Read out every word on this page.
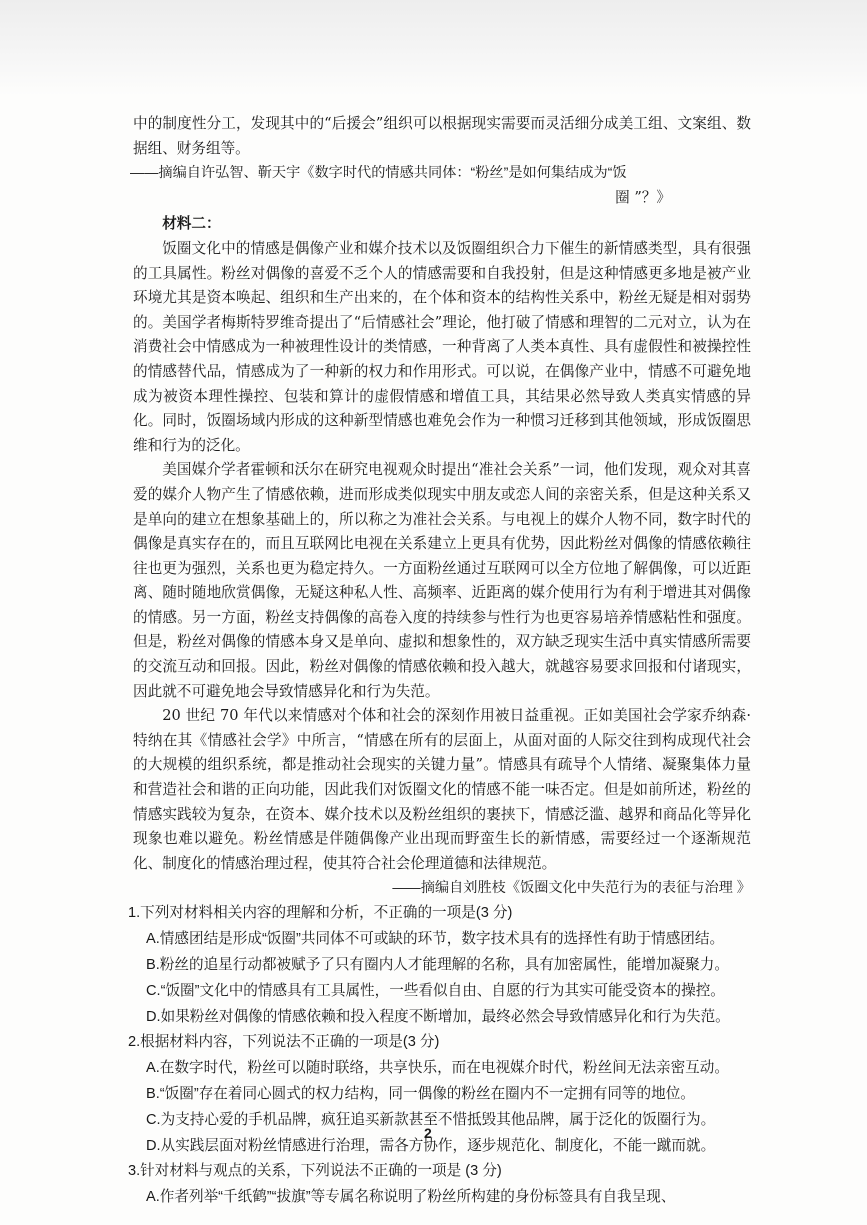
中的制度性分工，发现其中的“后援会”组织可以根据现实需要而灵活细分成美工组、文案组、数据组、财务组等。

——摘编自许弘智、靳天宇《数字时代的情感共同体：“粉丝”是如何集结成为“饭

圈 ”？》

材料二：

饭圈文化中的情感是偶像产业和媒介技术以及饭圈组织合力下催生的新情感类型，具有很强的工具属性。粉丝对偶像的喜爱不乏个人的情感需要和自我投射，但是这种情感更多地是被产业环境尤其是资本唤起、组织和生产出来的，在个体和资本的结构性关系中，粉丝无疑是相对弱势的。美国学者梅斯特罗维奇提出了“后情感社会”理论，他打破了情感和理智的二元对立，认为在消费社会中情感成为一种被理性设计的类情感，一种背离了人类本真性、具有虚假性和被操控性的情感替代品，情感成为了一种新的权力和作用形式。可以说，在偶像产业中，情感不可避免地成为被资本理性操控、包装和算计的虚假情感和增值工具，其结果必然导致人类真实情感的异化。同时，饭圈场域内形成的这种新型情感也难免会作为一种惯习迁移到其他领域，形成饭圈思维和行为的泛化。

美国媒介学者霍顿和沃尔在研究电视观众时提出“准社会关系”一词，他们发现，观众对其喜爱的媒介人物产生了情感依赖，进而形成类似现实中朋友或恋人间的亲密关系，但是这种关系又是单向的建立在想象基础上的，所以称之为准社会关系。与电视上的媒介人物不同，数字时代的偶像是真实存在的，而且互联网比电视在关系建立上更具有优势，因此粉丝对偶像的情感依赖往往也更为强烈，关系也更为稳定持久。一方面粉丝通过互联网可以全方位地了解偶像，可以近距离、随时随地欣赏偶像，无疑这种私人性、高频率、近距离的媒介使用行为有利于增进其对偶像的情感。另一方面，粉丝支持偶像的高卷入度的持续参与性行为也更容易培养情感粘性和强度。但是，粉丝对偶像的情感本身又是单向、虚拟和想象性的，双方缺乏现实生活中真实情感所需要的交流互动和回报。因此，粉丝对偶像的情感依赖和投入越大，就越容易要求回报和付诸现实，因此就不可避免地会导致情感异化和行为失范。

20 世纪 70 年代以来情感对个体和社会的深刻作用被日益重视。正如美国社会学家乔纳森·特纳在其《情感社会学》中所言，“情感在所有的层面上，从面对面的人际交往到构成现代社会的大规模的组织系统，都是推动社会现实的关键力量”。情感具有疏导个人情绪、凝聚集体力量和营造社会和谐的正向功能，因此我们对饭圈文化的情感不能一味否定。但是如前所述，粉丝的情感实践较为复杂，在资本、媒介技术以及粉丝组织的裹挟下，情感泛滥、越界和商品化等异化现象也难以避免。粉丝情感是伴随偶像产业出现而野蛮生长的新情感，需要经过一个逐渐规范化、制度化的情感治理过程，使其符合社会伦理道德和法律规范。

——摘编自刘胜枝《饭圈文化中失范行为的表征与治理 》

1.下列对材料相关内容的理解和分析，不正确的一项是(3 分)

A.情感团结是形成“饭圈”共同体不可或缺的环节，数字技术具有的选择性有助于情感团结。

B.粉丝的追星行动都被赋予了只有圈内人才能理解的名称，具有加密属性，能增加凝聚力。

C.“饭圈”文化中的情感具有工具属性，一些看似自由、自愿的行为其实可能受资本的操控。

D.如果粉丝对偶像的情感依赖和投入程度不断增加，最终必然会导致情感异化和行为失范。

2.根据材料内容，下列说法不正确的一项是(3 分)

A.在数字时代，粉丝可以随时联络，共享快乐，而在电视媒介时代，粉丝间无法亲密互动。

B.“饭圈”存在着同心圆式的权力结构，同一偶像的粉丝在圈内不一定拥有同等的地位。

C.为支持心爱的手机品牌，疯狂追买新款甚至不惜抵毁其他品牌，属于泛化的饭圈行为。

D.从实践层面对粉丝情感进行治理，需各方协作，逐步规范化、制度化，不能一蹴而就。

3.针对材料与观点的关系，下列说法不正确的一项是 (3 分)

A.作者列举“千纸鹤”“拔旗”等专属名称说明了粉丝所构建的身份标签具有自我呈现、

2
